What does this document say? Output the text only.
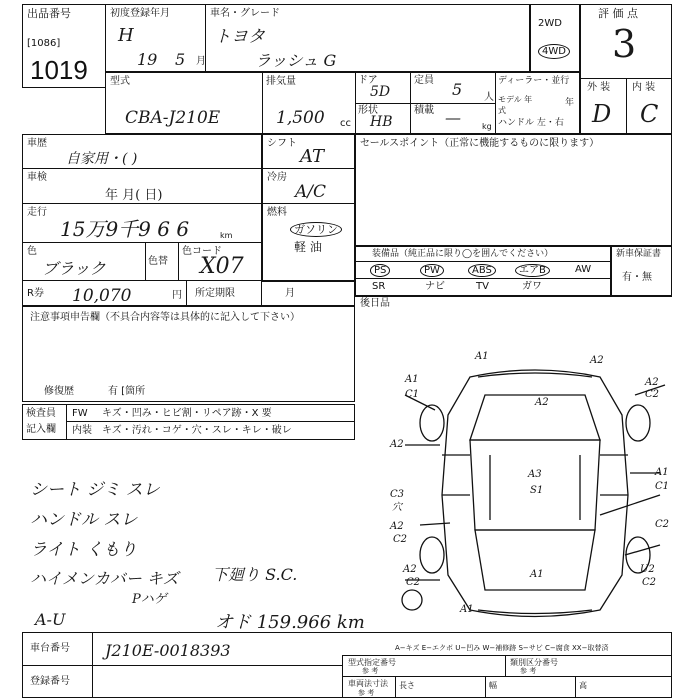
出品番号
[1086]
1019
初度登録年月
H
19 5 月
車名・グレード
トヨタ
ラッシュ G
2WD
4WD
評 価 点
3
外 装 内 装
D C
型式
CBA-J210E
排気量
1,500 cc
ドア
5D
定員 5 人
形状
HB
積載 —	kg
ディーラー・並行
モデル 年式
年
ハンドル 左・右
車歴
自家用・( )
車検
年 月( 日)
走行
15万9千9 6 6	km
色
ブラック	色替
色コード
X07
R券 10,070	円
シフト
AT
冷房
A/C
燃料
ガソリン
軽 油
所定期限	月
セールスポイント（正常に機能するものに限ります）
装備品（純正品に限り◯を囲んでください）
PS	PW	ABS	エアB	AW
SR	ナビ	TV	ガワ
新車保証書
有・無
後日品
注意事項申告欄（不具合内容等は具体的に記入して下さい）
修復歴	有 [箇所
検査員
記入欄
FW キズ・凹み・ヒビ割・リペア跡・X 要
内装 キズ・汚れ・コゲ・穴・スレ・キレ・破レ
シート ジミ スレ
ハンドル スレ
ライト くもり
ハイメンカバー キズ
Pハゲ
A-U
下廻り S.C.
オド 159.966 km
A1	A2
A1
C1
A2
A2
C2
A2
A3
S1
C3
穴
A2
C2
A1
C1
C2
A2
C2
A1	U2
C2
A1
A−キズ E−エクボ U−凹み W−補修跡 S−サビ C−腐食 XX−取替済
車台番号 J210E-0018393
登録番号
型式指定番号
参 考
類別区分番号
参 考
車両法寸法
参 考
長さ	幅	高
